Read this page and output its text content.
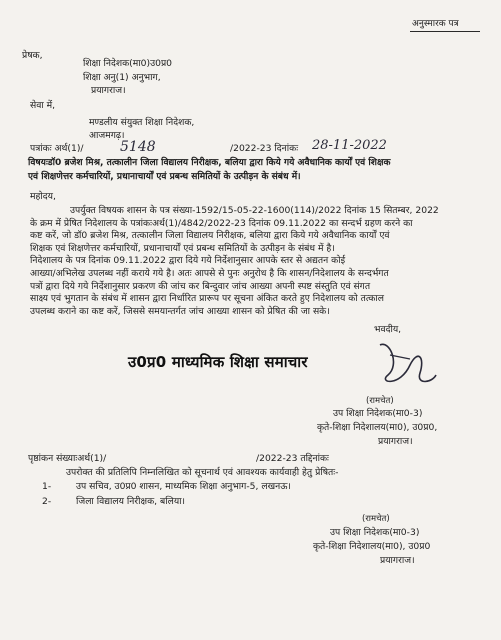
अनुस्मारक पत्र
प्रेषक,
शिक्षा निदेशक(मा0)उ0प्र0
शिक्षा अनु(1) अनुभाग,
प्रयागराज।
सेवा में,
मण्डलीय संयुक्त शिक्षा निदेशक,
आजमगढ़।
पत्रांकः अर्थ(1)/	5148	/2022-23 दिनांकः 28-11-2022
विषयःडॉ0 ब्रजेश मिश्र, तत्कालीन जिला विद्यालय निरीक्षक, बलिया द्वारा किये गये अवैधानिक कार्यों एवं शिक्षक
एवं शिक्षणेत्तर कर्मचारियों, प्रधानाचार्यों एवं प्रबन्ध समितियों के उत्पीड़न के संबंध में।
महोदय,
उपर्युक्त विषयक शासन के पत्र संख्या-1592/15-05-22-1600(114)/2022 दिनांक 15 सितम्बर, 2022
के क्रम में प्रेषित निदेशालय के पत्रांकःअर्थ(1)/4842/2022-23 दिनांक 09.11.2022 का सन्दर्भ ग्रहण करने का
कष्ट करें, जो डॉ0 ब्रजेश मिश्र, तत्कालीन जिला विद्यालय निरीक्षक, बलिया द्वारा किये गये अवैधानिक कार्यों एवं
शिक्षक एवं शिक्षणेत्तर कर्मचारियों, प्रधानाचार्यों एवं प्रबन्ध समितियों के उत्पीड़न के संबंध में है।
निदेशालय के पत्र दिनांक 09.11.2022 द्वारा दिये गये निर्देशानुसार आपके स्तर से अद्यतन कोई
आख्या/अभिलेख उपलब्ध नहीं कराये गये है। अतः आपसे से पुनः अनुरोध है कि शासन/निदेशालय के सन्दर्भगत
पत्रों द्वारा दिये गये निर्देशानुसार प्रकरण की जांच कर बिन्दुवार जांच आख्या अपनी स्पष्ट संस्तुति एवं संगत
साक्ष्य एवं भुगतान के संबंध में शासन द्वारा निर्धारित प्रारूप पर सूचना अंकित करते हुए निदेशालय को तत्काल
उपलब्ध कराने का कष्ट करें, जिससे समयान्तर्गत जांच आख्या शासन को प्रेषित की जा सके।
भवदीय,
उ0प्र0 माध्यमिक शिक्षा समाचार
(रामचेत)
उप शिक्षा निदेशक(मा0-3)
कृते-शिक्षा निदेशालय(मा0), उ0प्र0,
प्रयागराज।
पृष्ठांकन संख्याःअर्थ(1)/	/2022-23 तद्दिनांकः
उपरोक्त की प्रतिलिपि निम्नलिखित को सूचनार्थ एवं आवश्यक कार्यवाही हेतु प्रेषितः-
1-	उप सचिव, उ0प्र0 शासन, माध्यमिक शिक्षा अनुभाग-5, लखनऊ।
2-	जिला विद्यालय निरीक्षक, बलिया।
(रामचेत)
उप शिक्षा निदेशक(मा0-3)
कृते-शिक्षा निदेशालय(मा0), उ0प्र0
प्रयागराज।
